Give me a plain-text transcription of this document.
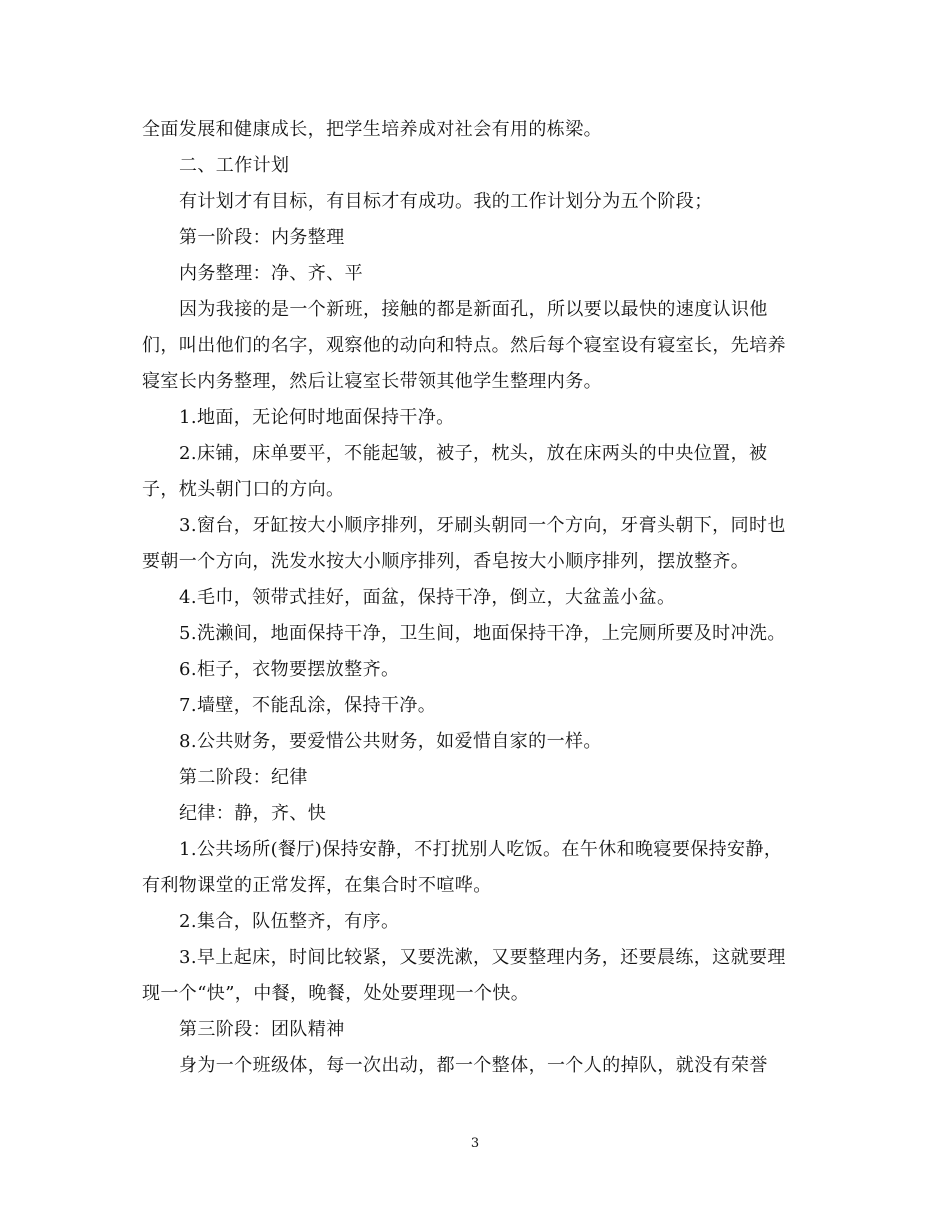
全面发展和健康成长，把学生培养成对社会有用的栋梁。
二、工作计划
有计划才有目标，有目标才有成功。我的工作计划分为五个阶段；
第一阶段：内务整理
内务整理：净、齐、平
因为我接的是一个新班，接触的都是新面孔，所以要以最快的速度认识他
们，叫出他们的名字，观察他的动向和特点。然后每个寝室设有寝室长，先培养
寝室长内务整理，然后让寝室长带领其他学生整理内务。
1.地面，无论何时地面保持干净。
2.床铺，床单要平，不能起皱，被子，枕头，放在床两头的中央位置，被
子，枕头朝门口的方向。
3.窗台，牙缸按大小顺序排列，牙刷头朝同一个方向，牙膏头朝下，同时也
要朝一个方向，洗发水按大小顺序排列，香皂按大小顺序排列，摆放整齐。
4.毛巾，领带式挂好，面盆，保持干净，倒立，大盆盖小盆。
5.洗濑间，地面保持干净，卫生间，地面保持干净，上完厕所要及时冲洗。
6.柜子，衣物要摆放整齐。
7.墙壁，不能乱涂，保持干净。
8.公共财务，要爱惜公共财务，如爱惜自家的一样。
第二阶段：纪律
纪律：静，齐、快
1.公共场所(餐厅)保持安静，不打扰别人吃饭。在午休和晚寝要保持安静，
有利物课堂的正常发挥，在集合时不喧哗。
2.集合，队伍整齐，有序。
3.早上起床，时间比较紧，又要洗漱，又要整理内务，还要晨练，这就要理
现一个“快”，中餐，晚餐，处处要理现一个快。
第三阶段：团队精神
身为一个班级体，每一次出动，都一个整体，一个人的掉队，就没有荣誉
3
